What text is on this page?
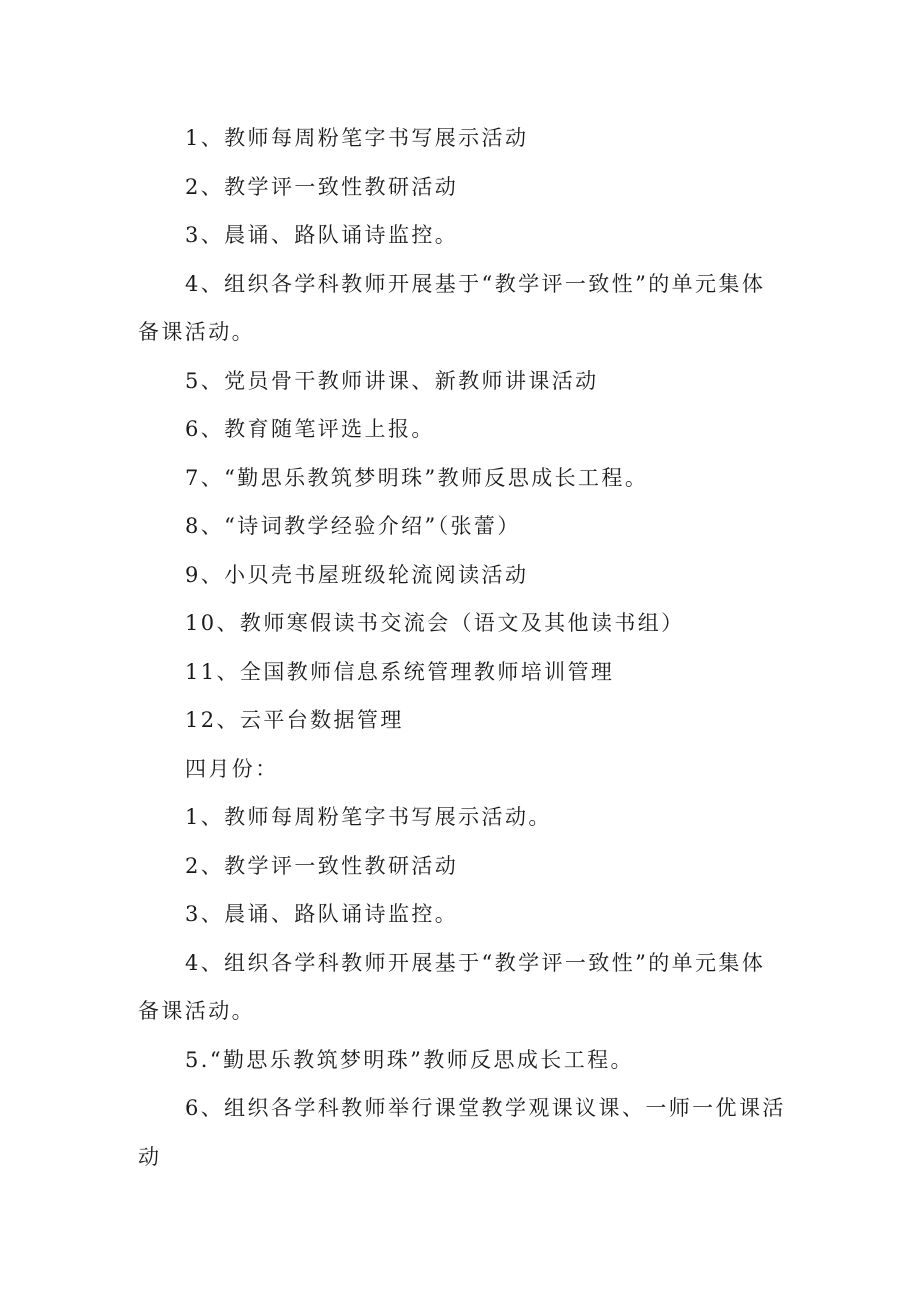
1、教师每周粉笔字书写展示活动
2、教学评一致性教研活动
3、晨诵、路队诵诗监控。
4、组织各学科教师开展基于“教学评一致性”的单元集体
备课活动。
5、党员骨干教师讲课、新教师讲课活动
6、教育随笔评选上报。
7、“勤思乐教筑梦明珠”教师反思成长工程。
8、“诗词教学经验介绍”（张蕾）
9、小贝壳书屋班级轮流阅读活动
10、教师寒假读书交流会（语文及其他读书组）
11、全国教师信息系统管理教师培训管理
12、云平台数据管理
四月份：
1、教师每周粉笔字书写展示活动。
2、教学评一致性教研活动
3、晨诵、路队诵诗监控。
4、组织各学科教师开展基于“教学评一致性”的单元集体
备课活动。
5.“勤思乐教筑梦明珠”教师反思成长工程。
6、组织各学科教师举行课堂教学观课议课、一师一优课活
动
